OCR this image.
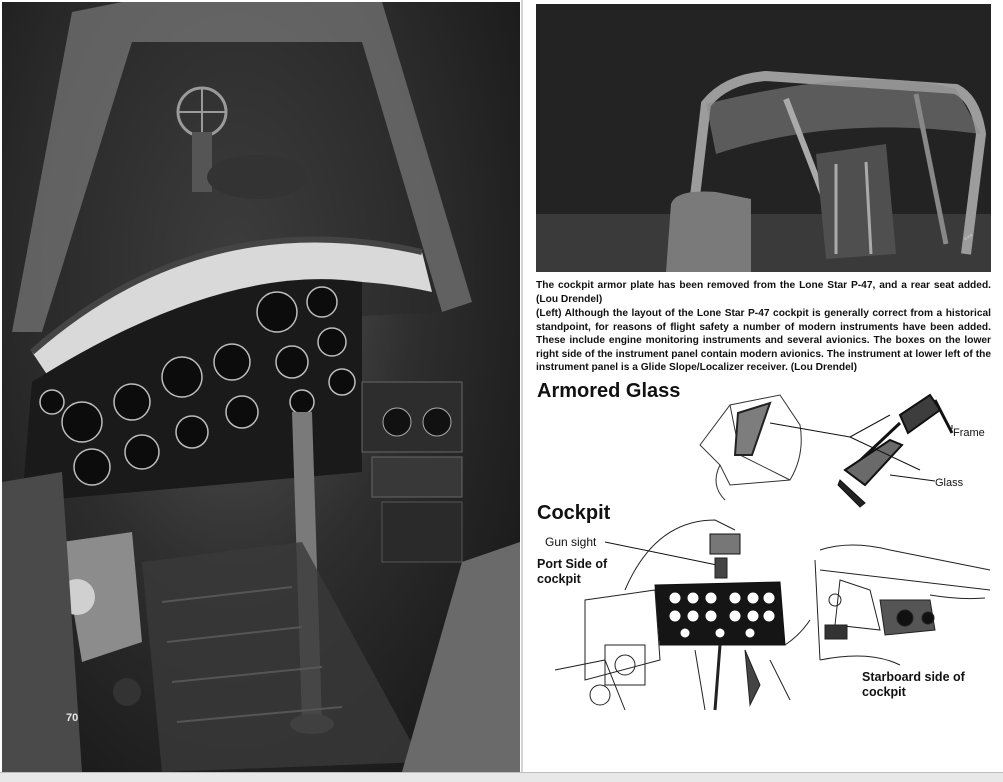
70
▪▪▪

The cockpit armor plate has been removed from the Lone Star P-47, and a rear seat added. (Lou Drendel)

(Left) Although the layout of the Lone Star P-47 cockpit is generally correct from a historical standpoint, for reasons of flight safety a number of modern instruments have been added. These include engine monitoring instruments and several avionics. The boxes on the lower right side of the instrument panel contain modern avionics. The instrument at lower left of the instrument panel is a Glide Slope/Localizer receiver. (Lou Drendel)

Armored Glass
Frame
Glass
Cockpit
Gun sight
Port Side of cockpit
Starboard side of cockpit
